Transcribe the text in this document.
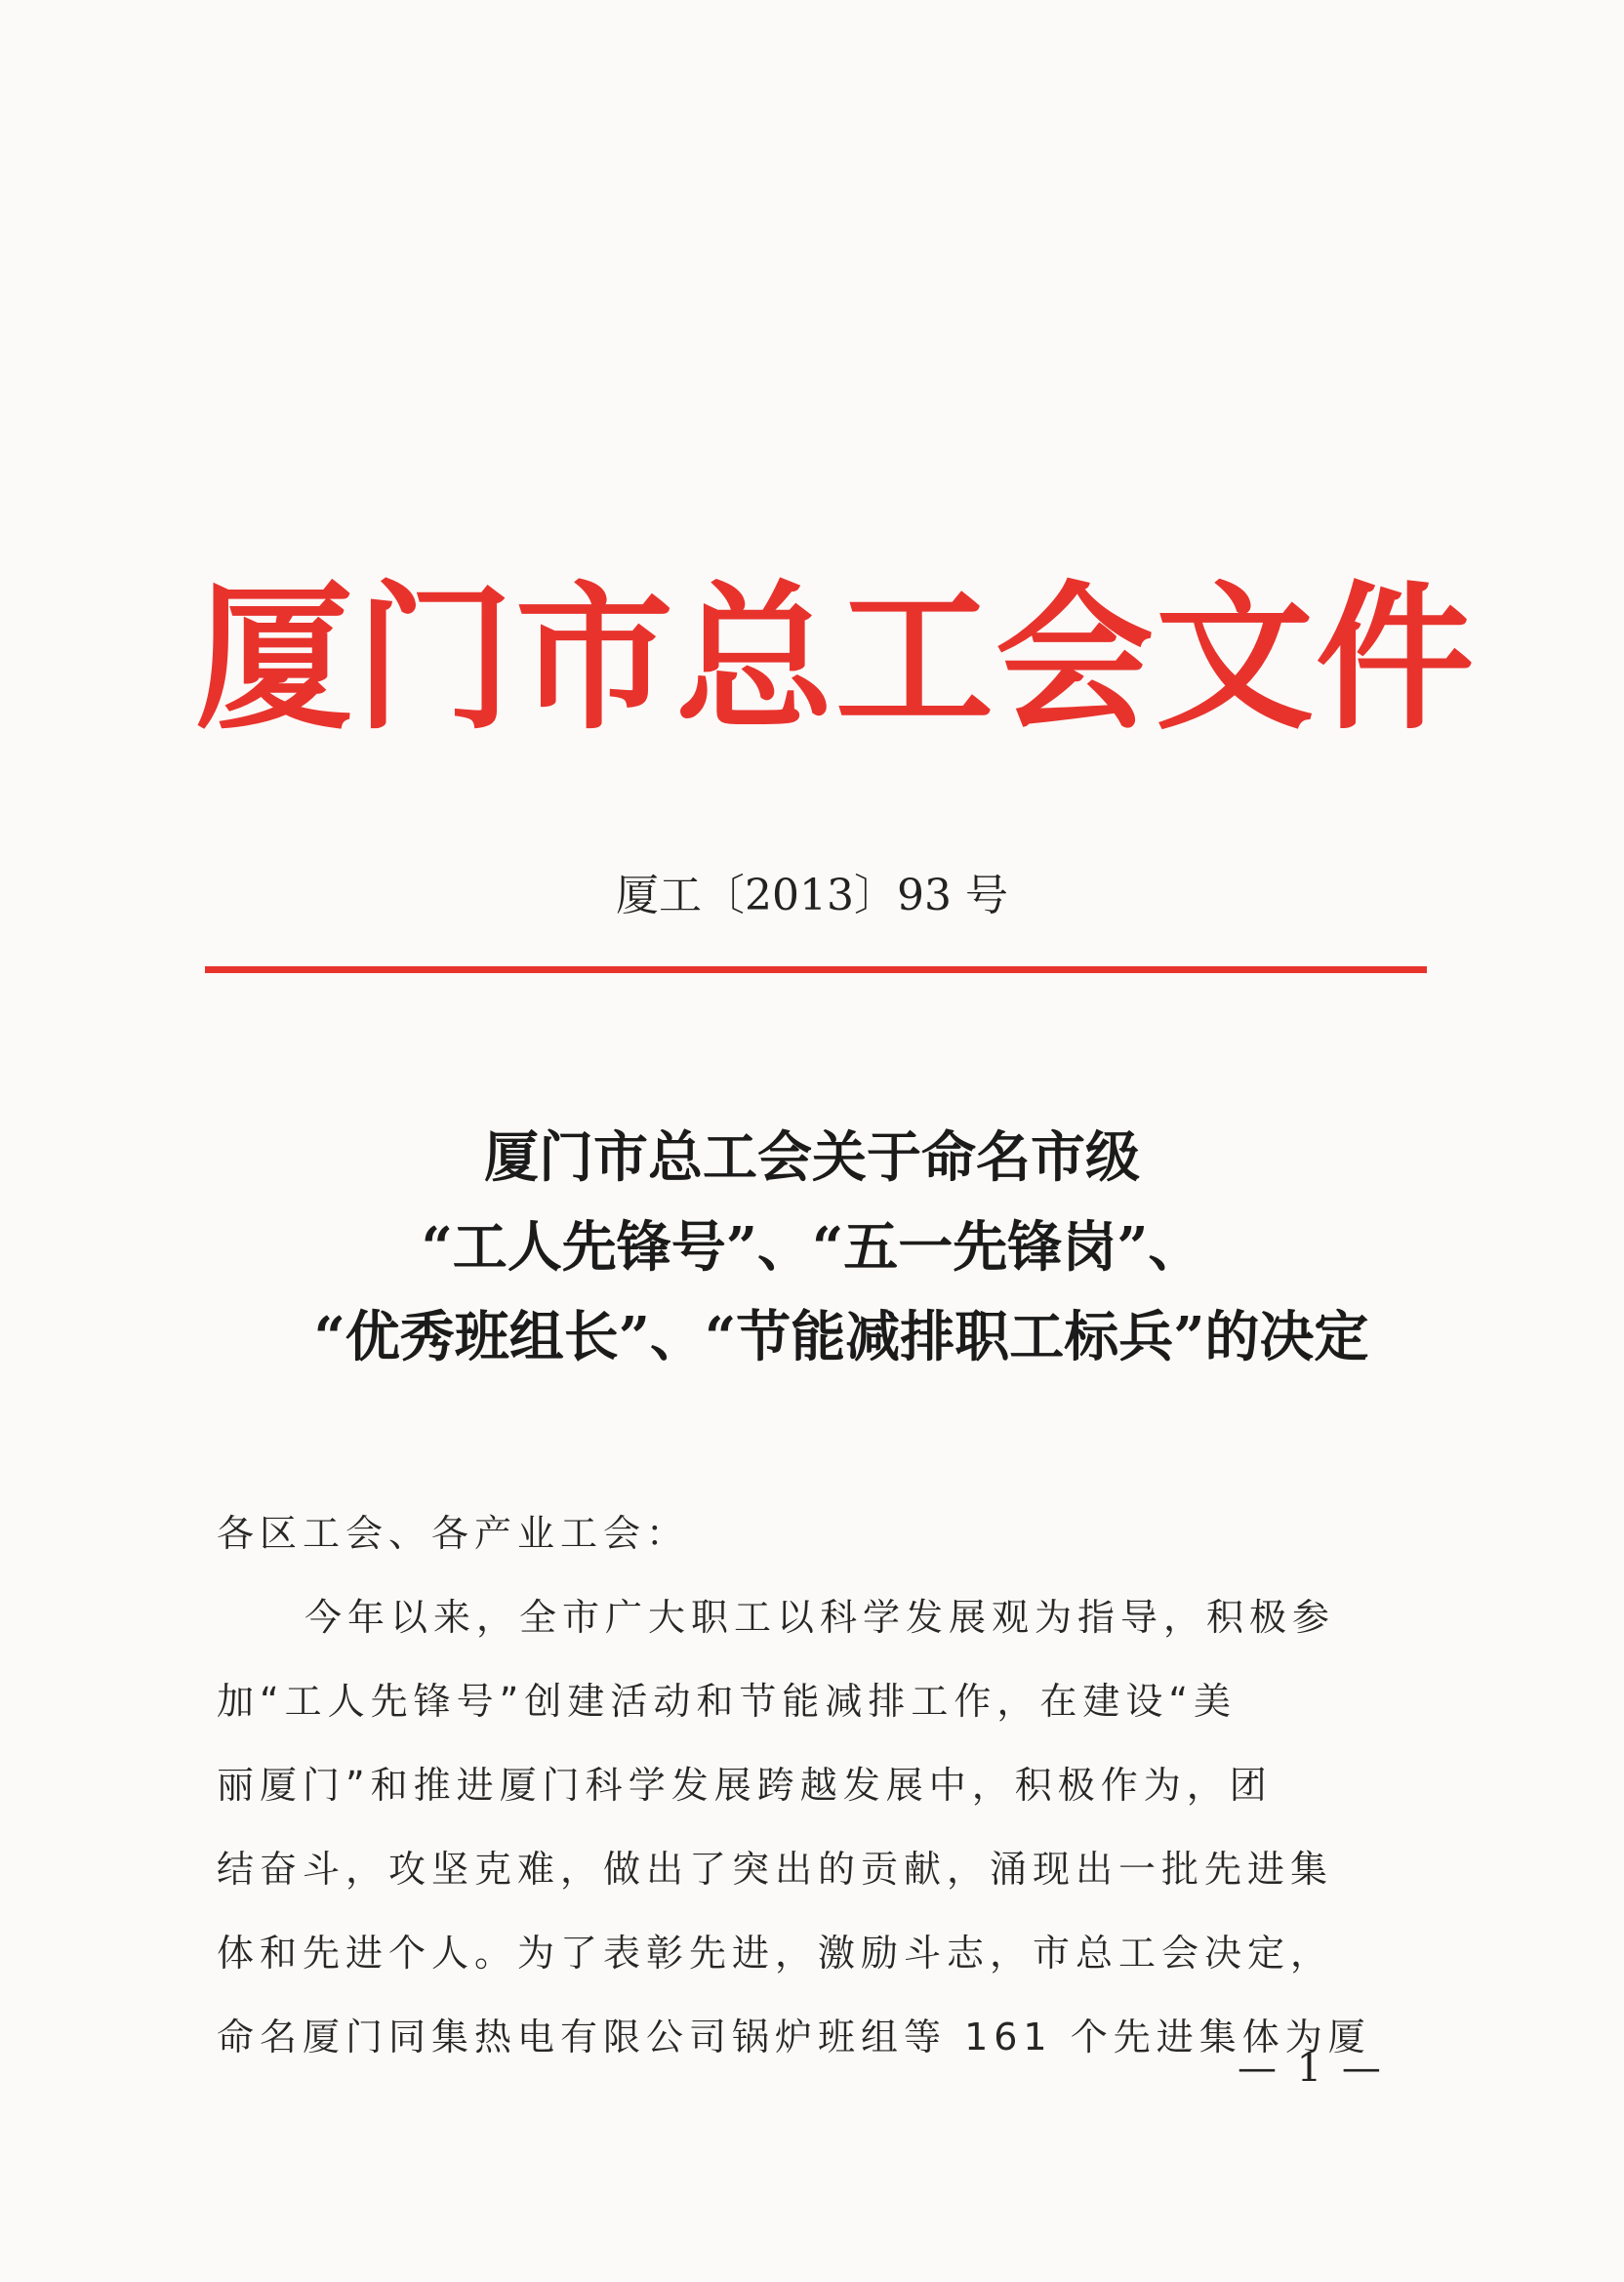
厦门市总工会文件
厦工〔2013〕93 号
厦门市总工会关于命名市级
“工人先锋号”、“五一先锋岗”、
“优秀班组长”、“节能减排职工标兵”的决定
各区工会、各产业工会：
今年以来，全市广大职工以科学发展观为指导，积极参
加“工人先锋号”创建活动和节能减排工作，在建设“美
丽厦门”和推进厦门科学发展跨越发展中，积极作为，团
结奋斗，攻坚克难，做出了突出的贡献，涌现出一批先进集
体和先进个人。为了表彰先进，激励斗志，市总工会决定，
命名厦门同集热电有限公司锅炉班组等 161 个先进集体为厦
— 1 —
